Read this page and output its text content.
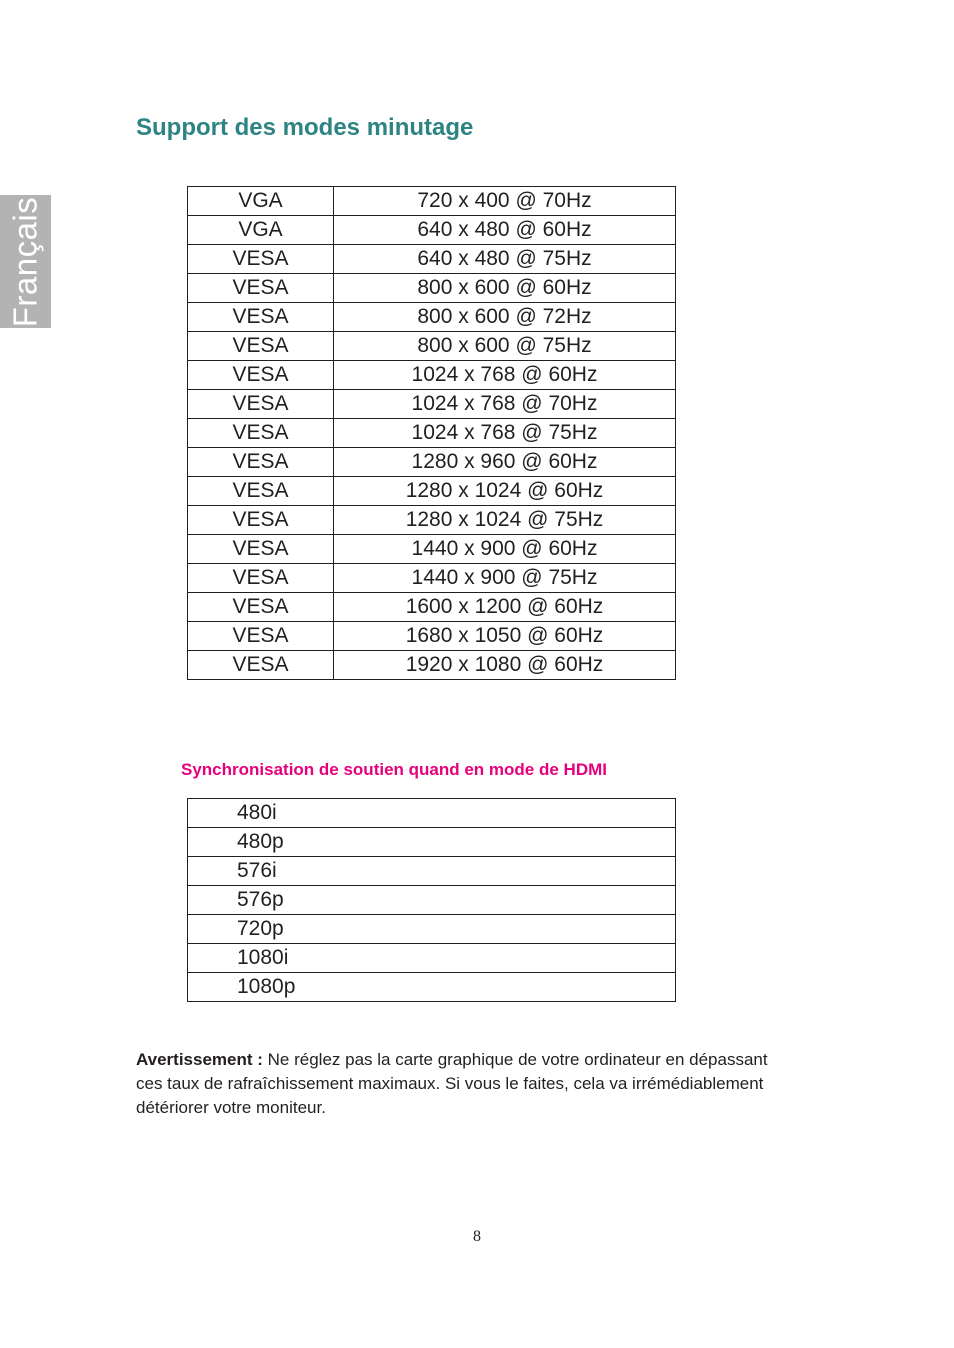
Français
Support des modes minutage
VGA	720 x 400 @ 70Hz
VGA	640 x 480 @ 60Hz
VESA	640 x 480 @ 75Hz
VESA	800 x 600 @ 60Hz
VESA	800 x 600 @ 72Hz
VESA	800 x 600 @ 75Hz
VESA	1024 x 768 @ 60Hz
VESA	1024 x 768 @ 70Hz
VESA	1024 x 768 @ 75Hz
VESA	1280 x 960 @ 60Hz
VESA	1280 x 1024 @ 60Hz
VESA	1280 x 1024 @ 75Hz
VESA	1440 x 900 @ 60Hz
VESA	1440 x 900 @ 75Hz
VESA	1600 x 1200 @ 60Hz
VESA	1680 x 1050 @ 60Hz
VESA	1920 x 1080 @ 60Hz
Synchronisation de soutien quand en mode de HDMI
480i
480p
576i
576p
720p
1080i
1080p

Avertissement : Ne réglez pas la carte graphique de votre ordinateur en dépassant ces taux de rafraîchissement maximaux. Si vous le faites, cela va irrémédiablement détériorer votre moniteur.

8
